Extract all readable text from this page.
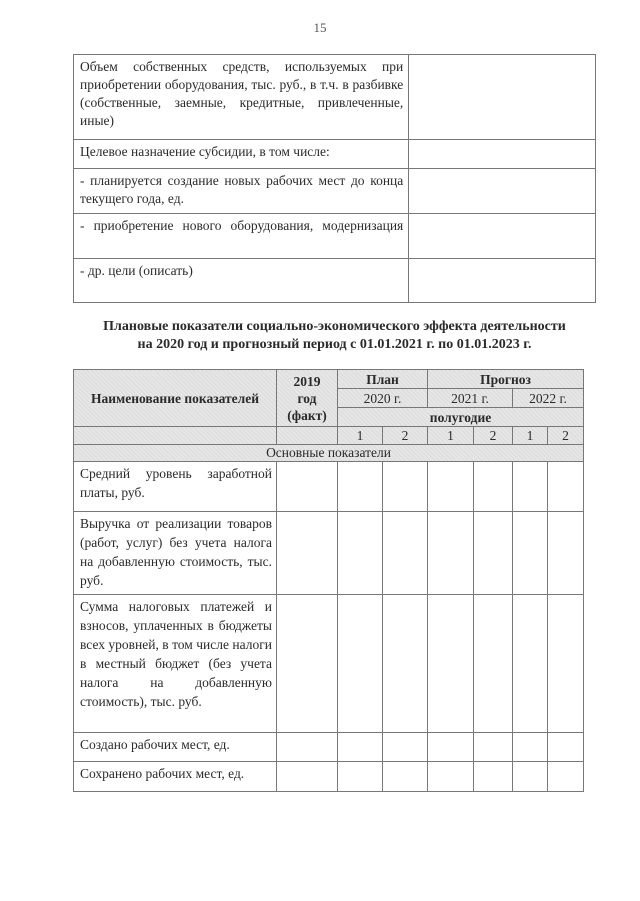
15
Объем собственных средств, используемых при приобретении оборудования, тыс. руб., в т.ч. в разбивке (собственные, заемные, кредитные, привлеченные, иные)	
Целевое назначение субсидии, в том числе:	
- планируется создание новых рабочих мест до конца текущего года, ед.	
- приобретение нового оборудования, модернизация	
- др. цели (описать)	
Плановые показатели социально-экономического эффекта деятельности
на 2020 год и прогнозный период с 01.01.2021 г. по 01.01.2023 г.
Наименование показателей	2019 год (факт)	План		Прогноз			
		2020 г.		2021 г.		2022 г.	
		полугодие					
		1	2	1	2	1	2
Основные показатели							
Средний уровень заработной платы, руб.							
Выручка от реализации товаров (работ, услуг) без учета налога на добавленную стоимость, тыс. руб.							
Сумма налоговых платежей и взносов, уплаченных в бюджеты всех уровней, в том числе налоги в местный бюджет (без учета налога на добавленную стоимость), тыс. руб.							
Создано рабочих мест, ед.							
Сохранено рабочих мест, ед.							
